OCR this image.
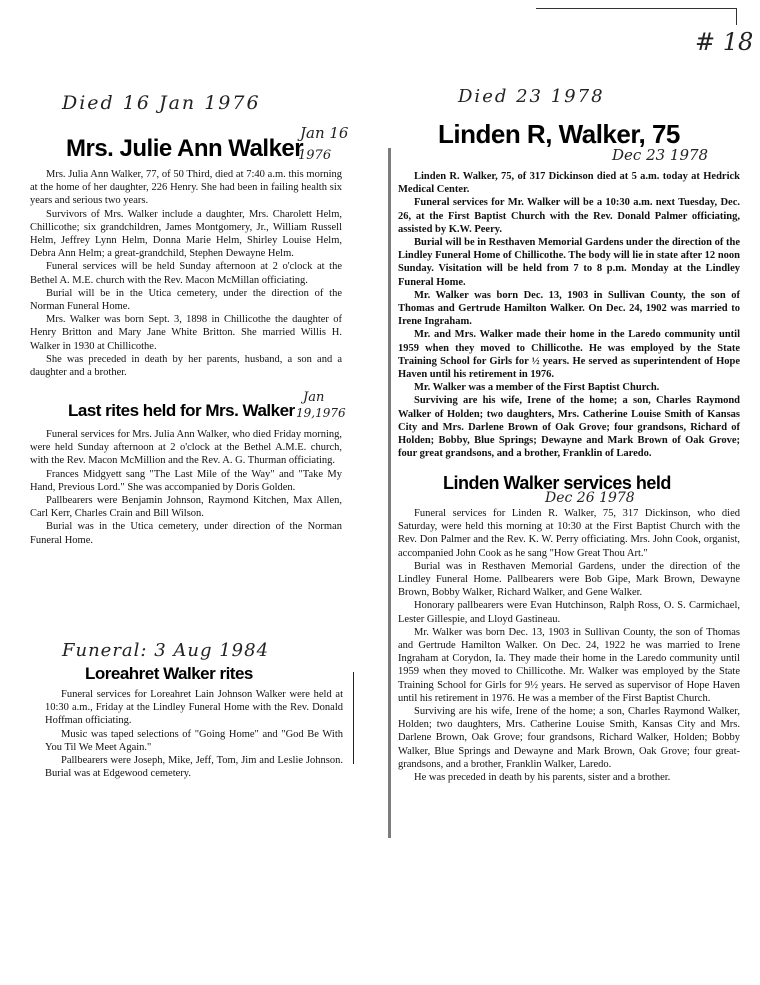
# 18
Died 16 Jan 1976
Mrs. Julie Ann Walker
Jan 16
1976

Mrs. Julia Ann Walker, 77, of 50 Third, died at 7:40 a.m. this morning at the home of her daughter, 226 Henry. She had been in failing health six years and serious two years.

Survivors of Mrs. Walker include a daughter, Mrs. Charolett Helm, Chillicothe; six grandchildren, James Montgomery, Jr., William Russell Helm, Jeffrey Lynn Helm, Donna Marie Helm, Shirley Louise Helm, Debra Ann Helm; a great-grandchild, Stephen Dewayne Helm.

Funeral services will be held Sunday afternoon at 2 o'clock at the Bethel A. M.E. church with the Rev. Macon McMillan officiating.

Burial will be in the Utica cemetery, under the direction of the Norman Funeral Home.

Mrs. Walker was born Sept. 3, 1898 in Chillicothe the daughter of Henry Britton and Mary Jane White Britton. She married Willis H. Walker in 1930 at Chillicothe.

She was preceded in death by her parents, husband, a son and a daughter and a brother.

Last rites held for Mrs. Walker
Jan
19,1976

Funeral services for Mrs. Julia Ann Walker, who died Friday morning, were held Sunday afternoon at 2 o'clock at the Bethel A.M.E. church, with the Rev. Macon McMillion and the Rev. A. G. Thurman officiating.

Frances Midgyett sang "The Last Mile of the Way" and "Take My Hand, Previous Lord." She was accompanied by Doris Golden.

Pallbearers were Benjamin Johnson, Raymond Kitchen, Max Allen, Carl Kerr, Charles Crain and Bill Wilson.

Burial was in the Utica cemetery, under direction of the Norman Funeral Home.

Funeral: 3 Aug 1984
Loreahret Walker rites

Funeral services for Loreahret Lain Johnson Walker were held at 10:30 a.m., Friday at the Lindley Funeral Home with the Rev. Donald Hoffman officiating.

Music was taped selections of "Going Home" and "God Be With You Til We Meet Again."

Pallbearers were Joseph, Mike, Jeff, Tom, Jim and Leslie Johnson. Burial was at Edgewood cemetery.

Died 23 1978
Linden R, Walker, 75
Dec 23 1978

Linden R. Walker, 75, of 317 Dickinson died at 5 a.m. today at Hedrick Medical Center.

Funeral services for Mr. Walker will be a 10:30 a.m. next Tuesday, Dec. 26, at the First Baptist Church with the Rev. Donald Palmer officiating, assisted by K.W. Peery.

Burial will be in Resthaven Memorial Gardens under the direction of the Lindley Funeral Home of Chillicothe. The body will lie in state after 12 noon Sunday. Visitation will be held from 7 to 8 p.m. Monday at the Lindley Funeral Home.

Mr. Walker was born Dec. 13, 1903 in Sullivan County, the son of Thomas and Gertrude Hamilton Walker. On Dec. 24, 1902 was married to Irene Ingraham.

Mr. and Mrs. Walker made their home in the Laredo community until 1959 when they moved to Chillicothe. He was employed by the State Training School for Girls for ½ years. He served as superintendent of Hope Haven until his retirement in 1976.

Mr. Walker was a member of the First Baptist Church.

Surviving are his wife, Irene of the home; a son, Charles Raymond Walker of Holden; two daughters, Mrs. Catherine Louise Smith of Kansas City and Mrs. Darlene Brown of Oak Grove; four grandsons, Richard of Holden; Bobby, Blue Springs; Dewayne and Mark Brown of Oak Grove; four great grandsons, and a brother, Franklin of Laredo.

Linden Walker services held
Dec 26 1978

Funeral services for Linden R. Walker, 75, 317 Dickinson, who died Saturday, were held this morning at 10:30 at the First Baptist Church with the Rev. Don Palmer and the Rev. K. W. Perry officiating. Mrs. John Cook, organist, accompanied John Cook as he sang "How Great Thou Art."

Burial was in Resthaven Memorial Gardens, under the direction of the Lindley Funeral Home. Pallbearers were Bob Gipe, Mark Brown, Dewayne Brown, Bobby Walker, Richard Walker, and Gene Walker.

Honorary pallbearers were Evan Hutchinson, Ralph Ross, O. S. Carmichael, Lester Gillespie, and Lloyd Gastineau.

Mr. Walker was born Dec. 13, 1903 in Sullivan County, the son of Thomas and Gertrude Hamilton Walker. On Dec. 24, 1922 he was married to Irene Ingraham at Corydon, Ia. They made their home in the Laredo community until 1959 when they moved to Chillicothe. Mr. Walker was employed by the State Training School for Girls for 9½ years. He served as supervisor of Hope Haven until his retirement in 1976. He was a member of the First Baptist Church.

Surviving are his wife, Irene of the home; a son, Charles Raymond Walker, Holden; two daughters, Mrs. Catherine Louise Smith, Kansas City and Mrs. Darlene Brown, Oak Grove; four grandsons, Richard Walker, Holden; Bobby Walker, Blue Springs and Dewayne and Mark Brown, Oak Grove; four great-grandsons, and a brother, Franklin Walker, Laredo.

He was preceded in death by his parents, sister and a brother.
